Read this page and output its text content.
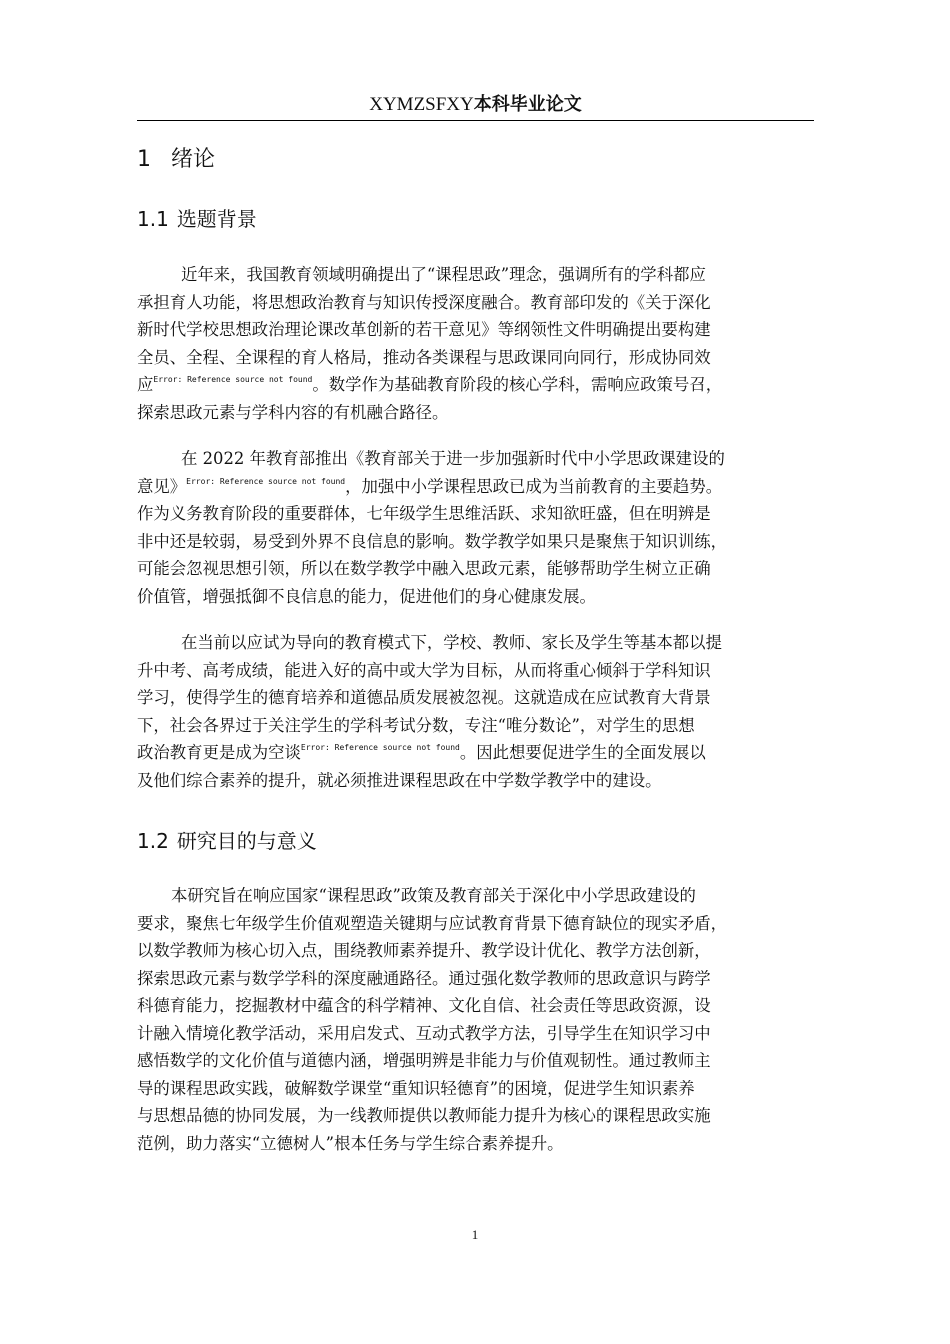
XYMZSFXY本科毕业论文
1 绪论
1.1 选题背景

近年来，我国教育领域明确提出了“课程思政”理念，强调所有的学科都应
承担育人功能，将思想政治教育与知识传授深度融合。教育部印发的《关于深化
新时代学校思想政治理论课改革创新的若干意见》等纲领性文件明确提出要构建
全员、全程、全课程的育人格局，推动各类课程与思政课同向同行，形成协同效
应$^{Error: Reference source not found}$。数学作为基础教育阶段的核心学科，需响应政策号召，
探索思政元素与学科内容的有机融合路径。

在 2022 年教育部推出《教育部关于进一步加强新时代中小学思政课建设的
意见》$^{Error: Reference source not found}$，加强中小学课程思政已成为当前教育的主要趋势。
作为义务教育阶段的重要群体，七年级学生思维活跃、求知欲旺盛，但在明辨是
非中还是较弱，易受到外界不良信息的影响。数学教学如果只是聚焦于知识训练，
可能会忽视思想引领，所以在数学教学中融入思政元素，能够帮助学生树立正确
价值管，增强抵御不良信息的能力，促进他们的身心健康发展。

在当前以应试为导向的教育模式下，学校、教师、家长及学生等基本都以提
升中考、高考成绩，能进入好的高中或大学为目标，从而将重心倾斜于学科知识
学习，使得学生的德育培养和道德品质发展被忽视。这就造成在应试教育大背景
下，社会各界过于关注学生的学科考试分数，专注“唯分数论”，对学生的思想
政治教育更是成为空谈$^{Error: Reference source not found}$。因此想要促进学生的全面发展以
及他们综合素养的提升，就必须推进课程思政在中学数学教学中的建设。

1.2 研究目的与意义

本研究旨在响应国家“课程思政”政策及教育部关于深化中小学思政建设的
要求，聚焦七年级学生价值观塑造关键期与应试教育背景下德育缺位的现实矛盾，
以数学教师为核心切入点，围绕教师素养提升、教学设计优化、教学方法创新，
探索思政元素与数学学科的深度融通路径。通过强化数学教师的思政意识与跨学
科德育能力，挖掘教材中蕴含的科学精神、文化自信、社会责任等思政资源，设
计融入情境化教学活动，采用启发式、互动式教学方法，引导学生在知识学习中
感悟数学的文化价值与道德内涵，增强明辨是非能力与价值观韧性。通过教师主
导的课程思政实践，破解数学课堂“重知识轻德育”的困境，促进学生知识素养
与思想品德的协同发展，为一线教师提供以教师能力提升为核心的课程思政实施
范例，助力落实“立德树人”根本任务与学生综合素养提升。

1
